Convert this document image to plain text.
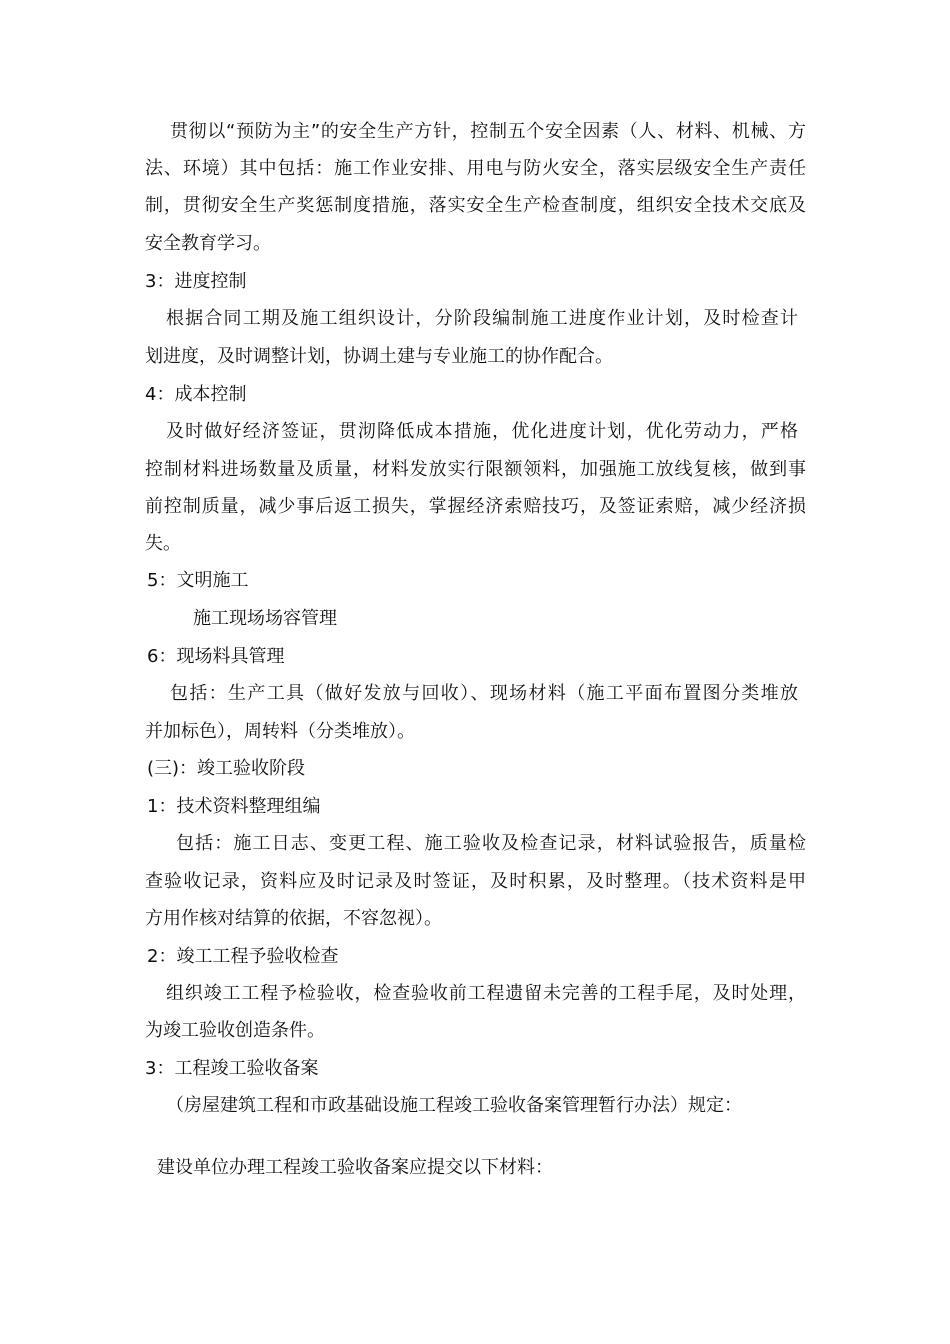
贯彻以“预防为主”的安全生产方针，控制五个安全因素（人、材料、机械、方
法、环境）其中包括：施工作业安排、用电与防火安全，落实层级安全生产责任
制，贯彻安全生产奖惩制度措施，落实安全生产检查制度，组织安全技术交底及
安全教育学习。
3：进度控制
根据合同工期及施工组织设计，分阶段编制施工进度作业计划，及时检查计
划进度，及时调整计划，协调土建与专业施工的协作配合。
4：成本控制
及时做好经济签证，贯沏降低成本措施，优化进度计划，优化劳动力，严格
控制材料进场数量及质量，材料发放实行限额领料，加强施工放线复核，做到事
前控制质量，减少事后返工损失，掌握经济索赔技巧，及签证索赔，减少经济损
失。
5：文明施工
施工现场场容管理
6：现场料具管理
包括：生产工具（做好发放与回收）、现场材料（施工平面布置图分类堆放
并加标色），周转料（分类堆放）。
(三)：竣工验收阶段
1：技术资料整理组编
包括：施工日志、变更工程、施工验收及检查记录，材料试验报告，质量检
查验收记录，资料应及时记录及时签证，及时积累，及时整理。（技术资料是甲
方用作核对结算的依据，不容忽视）。
2：竣工工程予验收检查
组织竣工工程予检验收，检查验收前工程遗留未完善的工程手尾，及时处理，
为竣工验收创造条件。
3：工程竣工验收备案
（房屋建筑工程和市政基础设施工程竣工验收备案管理暂行办法）规定：
建设单位办理工程竣工验收备案应提交以下材料：
